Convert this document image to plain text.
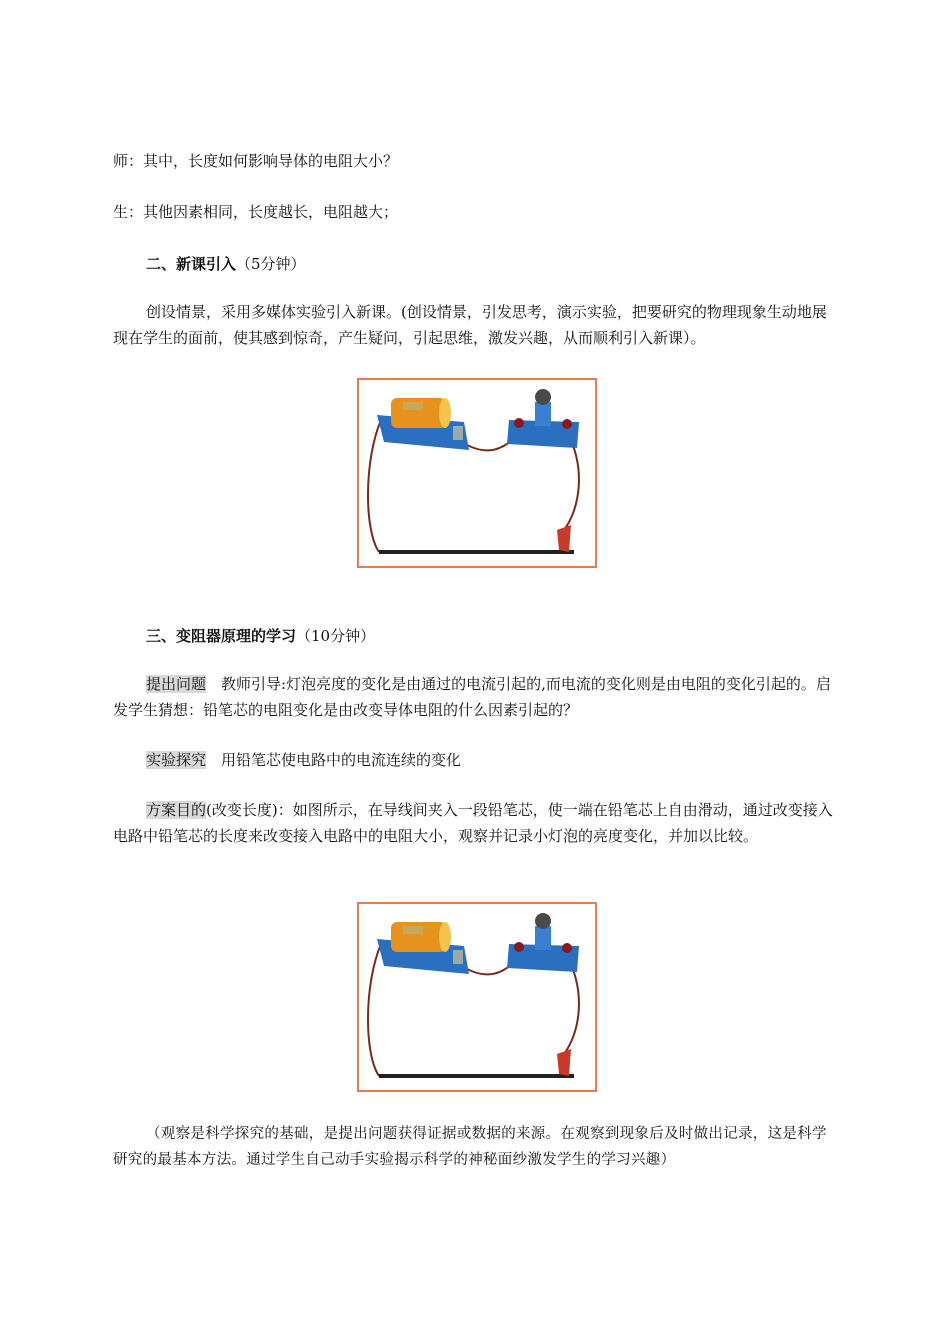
师：其中，长度如何影响导体的电阻大小？

生：其他因素相同，长度越长，电阻越大；

二、新课引入（5分钟）

创设情景，采用多媒体实验引入新课。(创设情景，引发思考，演示实验，把要研究的物理现象生动地展现在学生的面前，使其感到惊奇，产生疑问，引起思维，激发兴趣，从而顺利引入新课）。

三、变阻器原理的学习（10分钟）

提出问题　教师引导:灯泡亮度的变化是由通过的电流引起的,而电流的变化则是由电阻的变化引起的。启发学生猜想：铅笔芯的电阻变化是由改变导体电阻的什么因素引起的？

实验探究　用铅笔芯使电路中的电流连续的变化

方案目的(改变长度)：如图所示，在导线间夹入一段铅笔芯，使一端在铅笔芯上自由滑动，通过改变接入电路中铅笔芯的长度来改变接入电路中的电阻大小，观察并记录小灯泡的亮度变化，并加以比较。

（观察是科学探究的基础，是提出问题获得证据或数据的来源。在观察到现象后及时做出记录，这是科学研究的最基本方法。通过学生自己动手实验揭示科学的神秘面纱激发学生的学习兴趣）
